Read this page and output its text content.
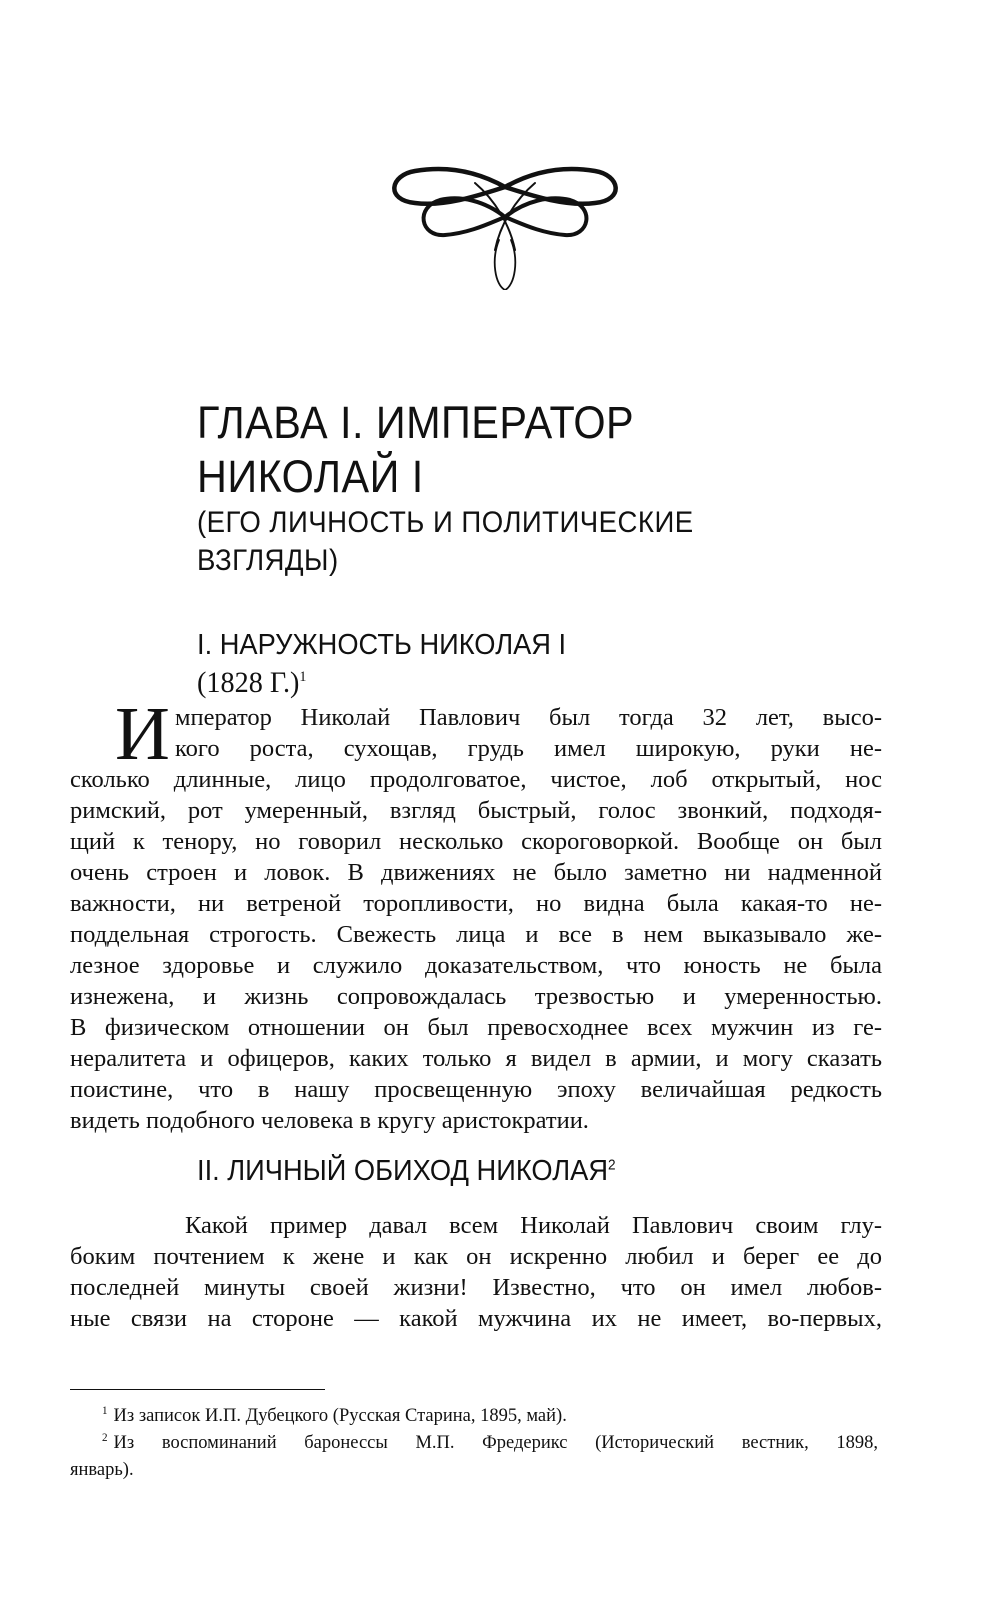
ГЛАВА I. ИМПЕРАТОР
НИКОЛАЙ I
(ЕГО ЛИЧНОСТЬ И ПОЛИТИЧЕСКИЕ
ВЗГЛЯДЫ)
I. НАРУЖНОСТЬ НИКОЛАЯ I
(1828 Г.)$^1$
И мператор Николай Павлович был тогда 32 лет, высо-
кого роста, сухощав, грудь имел широкую, руки не-
сколько длинные, лицо продолговатое, чистое, лоб открытый, нос
римский, рот умеренный, взгляд быстрый, голос звонкий, подходя-
щий к тенору, но говорил несколько скороговоркой. Вообще он был
очень строен и ловок. В движениях не было заметно ни надменной
важности, ни ветреной торопливости, но видна была какая-то не-
поддельная строгость. Свежесть лица и все в нем выказывало же-
лезное здоровье и служило доказательством, что юность не была
изнежена, и жизнь сопровождалась трезвостью и умеренностью.
В физическом отношении он был превосходнее всех мужчин из ге-
нералитета и офицеров, каких только я видел в армии, и могу сказать
поистине, что в нашу просвещенную эпоху величайшая редкость
видеть подобного человека в кругу аристократии.
II. ЛИЧНЫЙ ОБИХОД НИКОЛАЯ$^2$
Какой пример давал всем Николай Павлович своим глу-
боким почтением к жене и как он искренно любил и берег ее до
последней минуты своей жизни! Известно, что он имел любов-
ные связи на стороне — какой мужчина их не имеет, во-первых,

$^1$ Из записок И.П. Дубецкого (Русская Старина, 1895, май).

$^2$ Из воспоминаний баронессы М.П. Фредерикс (Исторический вестник, 1898,
январь).
